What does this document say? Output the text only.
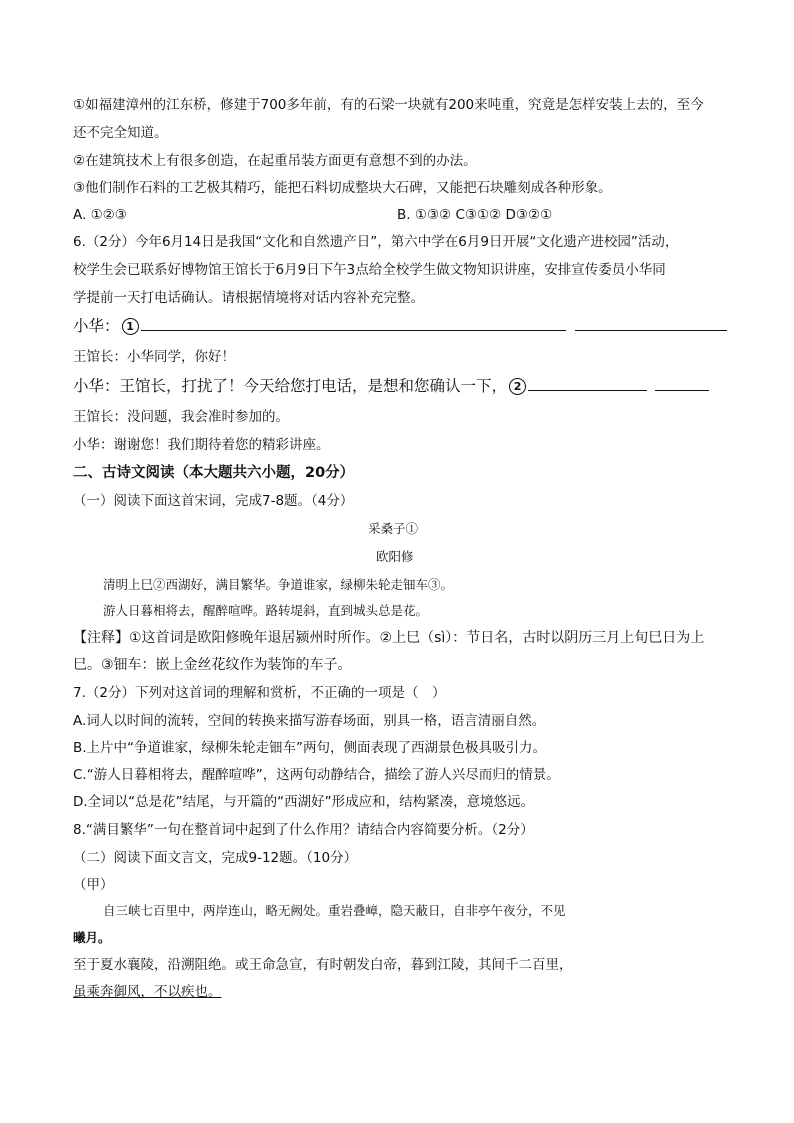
①如福建漳州的江东桥，修建于700多年前，有的石梁一块就有200来吨重，究竟是怎样安装上去的，至今
还不完全知道。
②在建筑技术上有很多创造，在起重吊装方面更有意想不到的办法。
③他们制作石料的工艺极其精巧，能把石料切成整块大石碑，又能把石块雕刻成各种形象。
A. ①②③	B. ①③② C③①② D③②①
6.（2分）今年6月14日是我国“文化和自然遗产日”，第六中学在6月9日开展“文化遗产进校园”活动，
校学生会已联系好博物馆王馆长于6月9日下午3点给全校学生做文物知识讲座，安排宣传委员小华同
学提前一天打电话确认。请根据情境将对话内容补充完整。
小华： 1
王馆长：小华同学，你好！
小华：王馆长，打扰了！今天给您打电话，是想和您确认一下， 2
王馆长：没问题，我会准时参加的。
小华：谢谢您！我们期待着您的精彩讲座。
二、古诗文阅读（本大题共六小题，20分）
（一）阅读下面这首宋词，完成7-8题。（4分）
采桑子①
欧阳修
清明上巳②西湖好，满目繁华。争道谁家，绿柳朱轮走钿车③。
游人日暮相将去，醒醉喧哗。路转堤斜，直到城头总是花。
【注释】①这首词是欧阳修晚年退居颍州时所作。②上巳（sì）：节日名，古时以阴历三月上旬巳日为上
巳。③钿车：嵌上金丝花纹作为装饰的车子。
7.（2分）下列对这首词的理解和赏析，不正确的一项是（　）
A.词人以时间的流转，空间的转换来描写游春场面，别具一格，语言清丽自然。
B.上片中“争道谁家，绿柳朱轮走钿车”两句，侧面表现了西湖景色极具吸引力。
C.“游人日暮相将去，醒醉喧哗”，这两句动静结合，描绘了游人兴尽而归的情景。
D.全词以“总是花”结尾，与开篇的“西湖好”形成应和，结构紧凑，意境悠远。
8.“满目繁华”一句在整首词中起到了什么作用？请结合内容简要分析。（2分）
（二）阅读下面文言文，完成9-12题。（10分）
（甲）
自三峡七百里中，两岸连山，略无阙处。重岩叠嶂，隐天蔽日，自非亭午夜分，不见
曦月。
至于夏水襄陵，沿溯阻绝。或王命急宣，有时朝发白帝，暮到江陵，其间千二百里，
虽乘奔御风，不以疾也。
